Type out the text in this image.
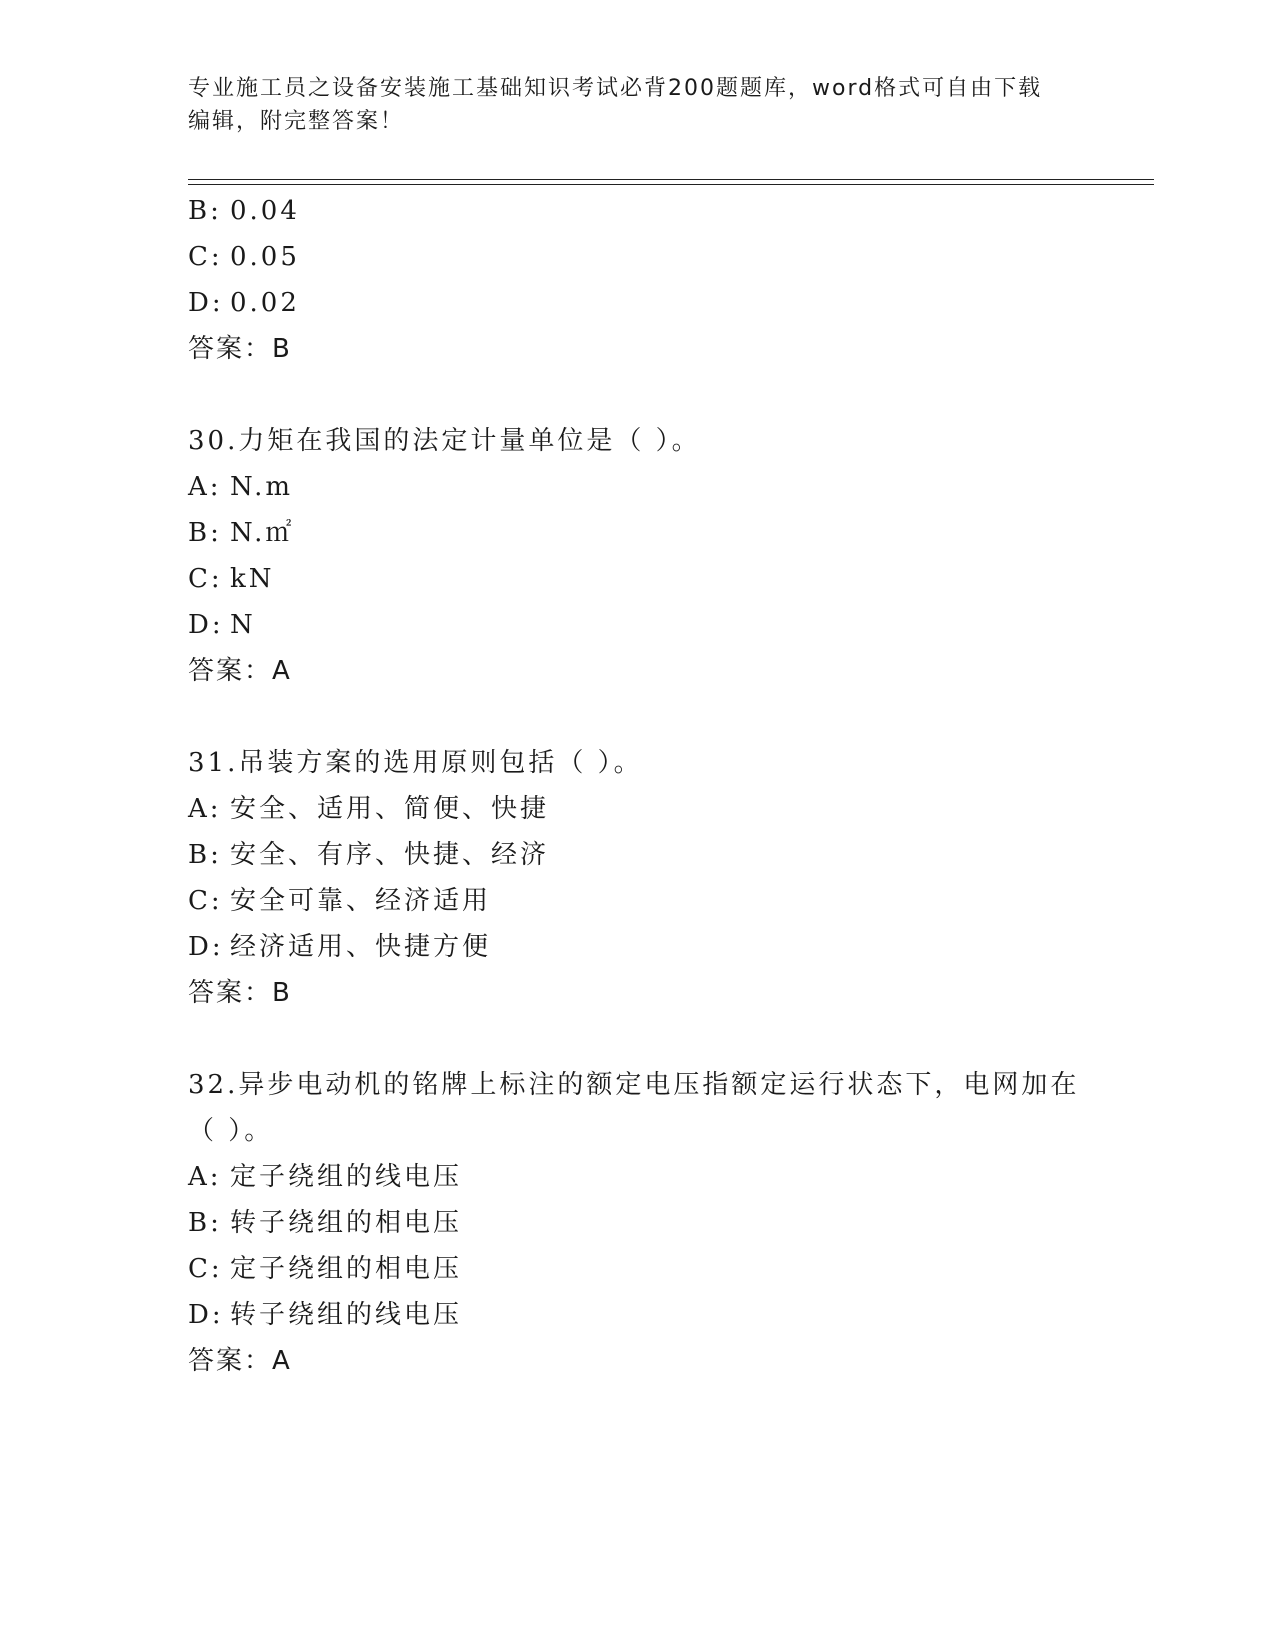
专业施工员之设备安装施工基础知识考试必背200题题库，word格式可自由下载
编辑，附完整答案！
B: 0.04
C: 0.05
D: 0.02
答案：B
30.力矩在我国的法定计量单位是（ ）。
A: N.m
B: N.㎡
C: kN
D: N
答案：A
31.吊装方案的选用原则包括（ ）。
A: 安全、适用、简便、快捷
B: 安全、有序、快捷、经济
C: 安全可靠、经济适用
D: 经济适用、快捷方便
答案：B
32.异步电动机的铭牌上标注的额定电压指额定运行状态下，电网加在
（ ）。
A: 定子绕组的线电压
B: 转子绕组的相电压
C: 定子绕组的相电压
D: 转子绕组的线电压
答案：A
